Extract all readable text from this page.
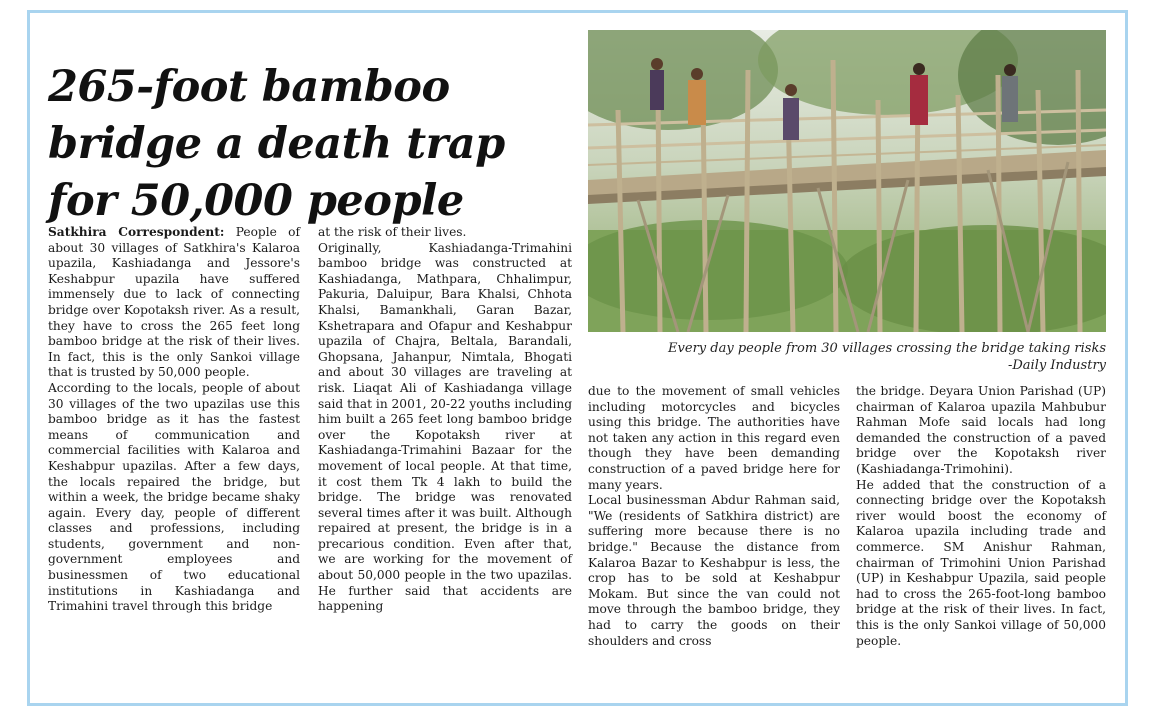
265-foot bamboo
bridge a death trap
for 50,000 people
Every day people from 30 villages crossing the bridge taking risks
-Daily Industry

Satkhira Correspondent: People of about 30 villages of Satkhira's Kalaroa upazila, Kashiadanga and Jessore's Keshabpur upazila have suffered immensely due to lack of connecting bridge over Kopotaksh river. As a result, they have to cross the 265 feet long bamboo bridge at the risk of their lives. In fact, this is the only Sankoi village that is trusted by 50,000 people.

According to the locals, people of about 30 villages of the two upazilas use this bamboo bridge as it has the fastest means of communication and commercial facilities with Kalaroa and Keshabpur upazilas. After a few days, the locals repaired the bridge, but within a week, the bridge became shaky again. Every day, people of different classes and professions, including students, government and non-government employees and businessmen of two educational institutions in Kashiadanga and Trimahini travel through this bridge

at the risk of their lives.

Originally, Kashiadanga-Trimahini bamboo bridge was constructed at Kashiadanga, Mathpara, Chhalimpur, Pakuria, Daluipur, Bara Khalsi, Chhota Khalsi, Bamankhali, Garan Bazar, Kshetrapara and Ofapur and Keshabpur upazila of Chajra, Beltala, Barandali, Ghopsana, Jahanpur, Nimtala, Bhogati and about 30 villages are traveling at risk. Liaqat Ali of Kashiadanga village said that in 2001, 20-22 youths including him built a 265 feet long bamboo bridge over the Kopotaksh river at Kashiadanga-Trimahini Bazaar for the movement of local people. At that time, it cost them Tk 4 lakh to build the bridge. The bridge was renovated several times after it was built. Although repaired at present, the bridge is in a precarious condition. Even after that, we are working for the movement of about 50,000 people in the two upazilas. He further said that accidents are happening

due to the movement of small vehicles including motorcycles and bicycles using this bridge. The authorities have not taken any action in this regard even though they have been demanding construction of a paved bridge here for many years.

Local businessman Abdur Rahman said, "We (residents of Satkhira district) are suffering more because there is no bridge." Because the distance from Kalaroa Bazar to Keshabpur is less, the crop has to be sold at Keshabpur Mokam. But since the van could not move through the bamboo bridge, they had to carry the goods on their shoulders and cross

the bridge. Deyara Union Parishad (UP) chairman of Kalaroa upazila Mahbubur Rahman Mofe said locals had long demanded the construction of a paved bridge over the Kopotaksh river (Kashiadanga-Trimohini).

He added that the construction of a connecting bridge over the Kopotaksh river would boost the economy of Kalaroa upazila including trade and commerce. SM Anishur Rahman, chairman of Trimohini Union Parishad (UP) in Keshabpur Upazila, said people had to cross the 265-foot-long bamboo bridge at the risk of their lives. In fact, this is the only Sankoi village of 50,000 people.
